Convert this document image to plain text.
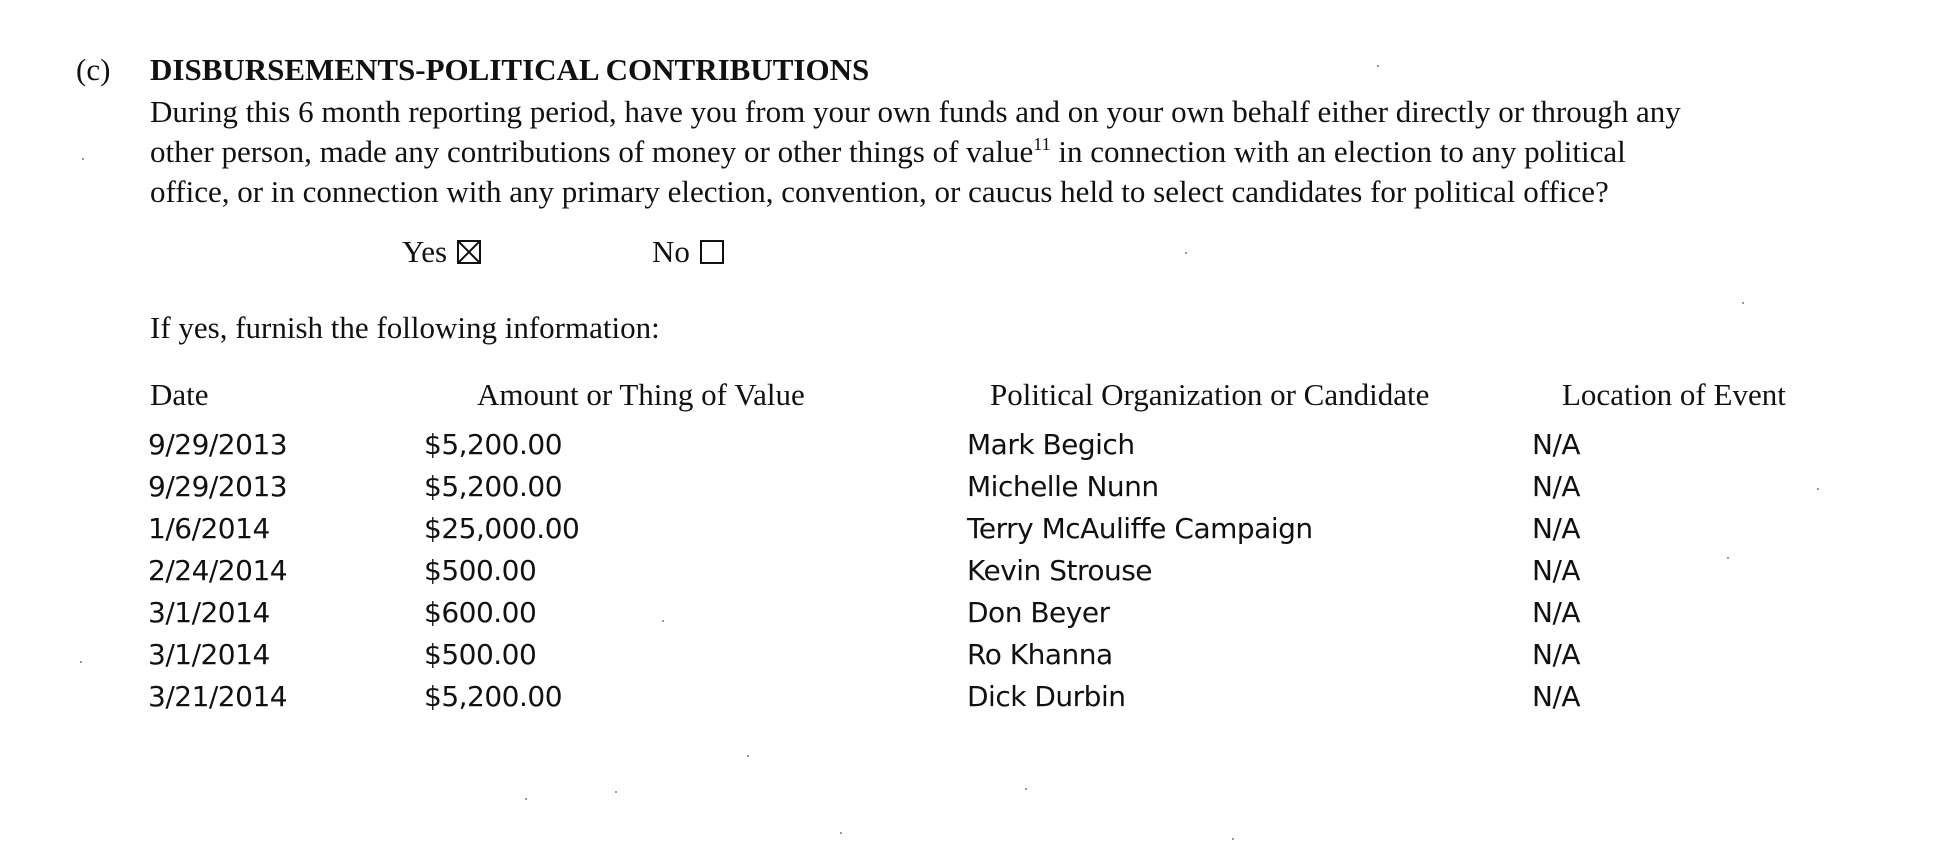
(c) DISBURSEMENTS-POLITICAL CONTRIBUTIONS
During this 6 month reporting period, have you from your own funds and on your own behalf either directly or through any
other person, made any contributions of money or other things of value$^{11}$ in connection with an election to any political
office, or in connection with any primary election, convention, or caucus held to select candidates for political office?
Yes	No
If yes, furnish the following information:
Date	Amount or Thing of Value	Political Organization or Candidate	Location of Event
9/29/2013	$5,200.00	Mark Begich	N/A
9/29/2013	$5,200.00	Michelle Nunn	N/A
1/6/2014	$25,000.00	Terry McAuliffe Campaign	N/A
2/24/2014	$500.00	Kevin Strouse	N/A
3/1/2014	$600.00	Don Beyer	N/A
3/1/2014	$500.00	Ro Khanna	N/A
3/21/2014	$5,200.00	Dick Durbin	N/A
